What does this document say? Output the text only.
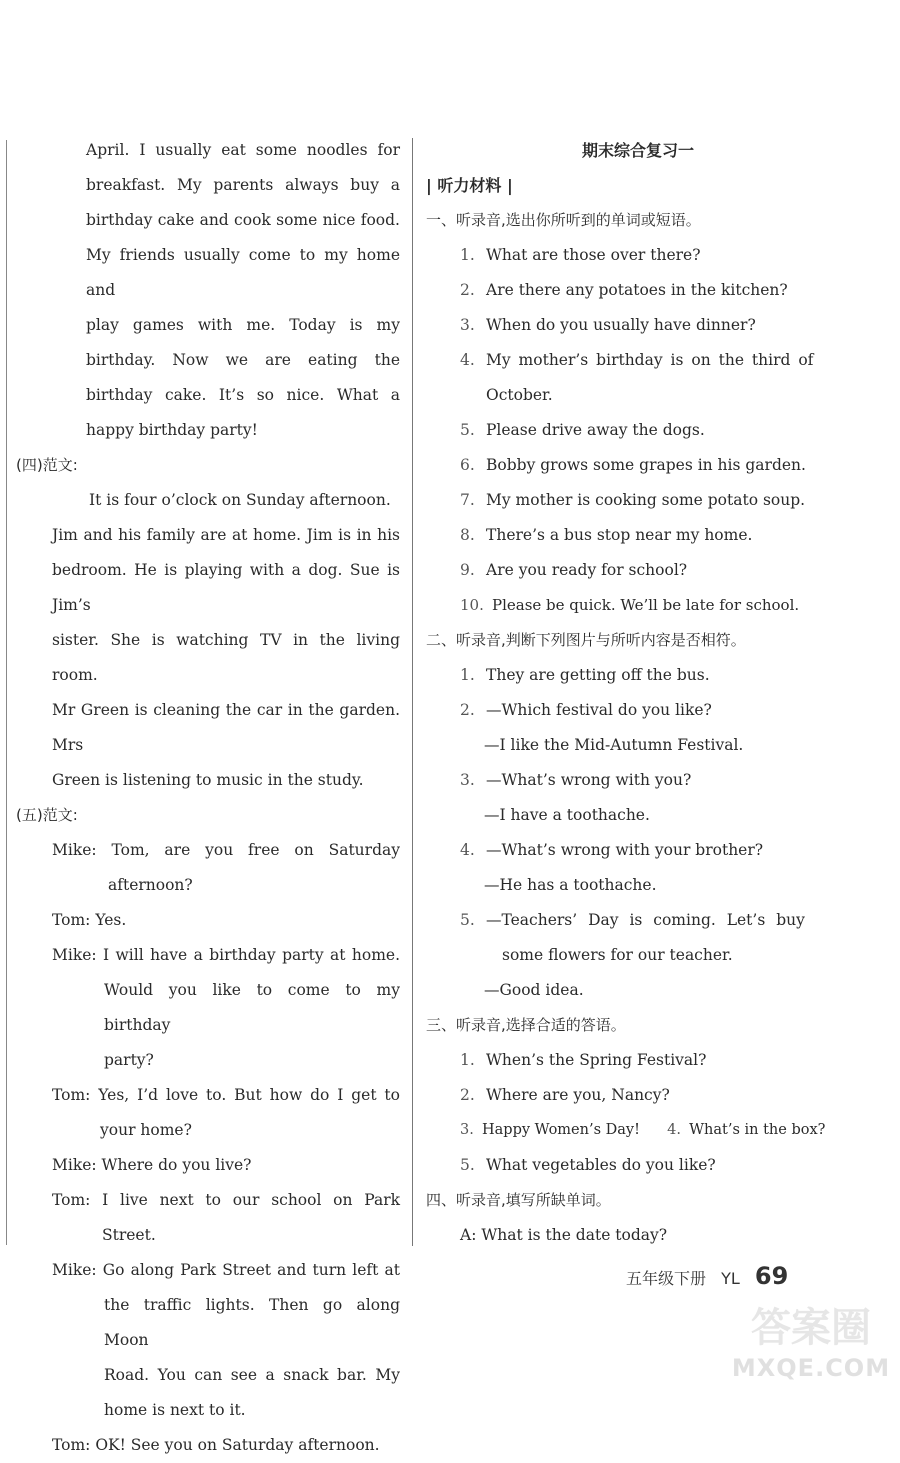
April. I usually eat some noodles for
breakfast. My parents always buy a
birthday cake and cook some nice food.
My friends usually come to my home and
play games with me. Today is my
birthday. Now we are eating the
birthday cake. It’s so nice. What a
happy birthday party!
(四)范文:
It is four o’clock on Sunday afternoon.
Jim and his family are at home. Jim is in his
bedroom. He is playing with a dog. Sue is Jim’s
sister. She is watching TV in the living room.
Mr Green is cleaning the car in the garden. Mrs
Green is listening to music in the study.
(五)范文:
Mike: Tom, are you free on Saturday
afternoon?
Tom: Yes.
Mike: I will have a birthday party at home.
Would you like to come to my birthday
party?
Tom: Yes, I’d love to. But how do I get to
your home?
Mike: Where do you live?
Tom: I live next to our school on Park
Street.
Mike: Go along Park Street and turn left at
the traffic lights. Then go along Moon
Road. You can see a snack bar. My
home is next to it.
Tom: OK! See you on Saturday afternoon.
期末综合复习一
| 听力材料 |
一、听录音,选出你所听到的单词或短语。
1. What are those over there?
2. Are there any potatoes in the kitchen?
3. When do you usually have dinner?
4. My mother’s birthday is on the third of
October.
5. Please drive away the dogs.
6. Bobby grows some grapes in his garden.
7. My mother is cooking some potato soup.
8. There’s a bus stop near my home.
9. Are you ready for school?
10. Please be quick. We’ll be late for school.
二、听录音,判断下列图片与所听内容是否相符。
1. They are getting off the bus.
2. —Which festival do you like?
—I like the Mid-Autumn Festival.
3. —What’s wrong with you?
—I have a toothache.
4. —What’s wrong with your brother?
—He has a toothache.
5. —Teachers’ Day is coming. Let’s buy
some flowers for our teacher.
—Good idea.
三、听录音,选择合适的答语。
1. When’s the Spring Festival?
2. Where are you, Nancy?
3. Happy Women’s Day! 4. What’s in the box?
5. What vegetables do you like?
四、听录音,填写所缺单词。
A: What is the date today?
五年级下册 YL 69
答案圈
MXQE.COM
